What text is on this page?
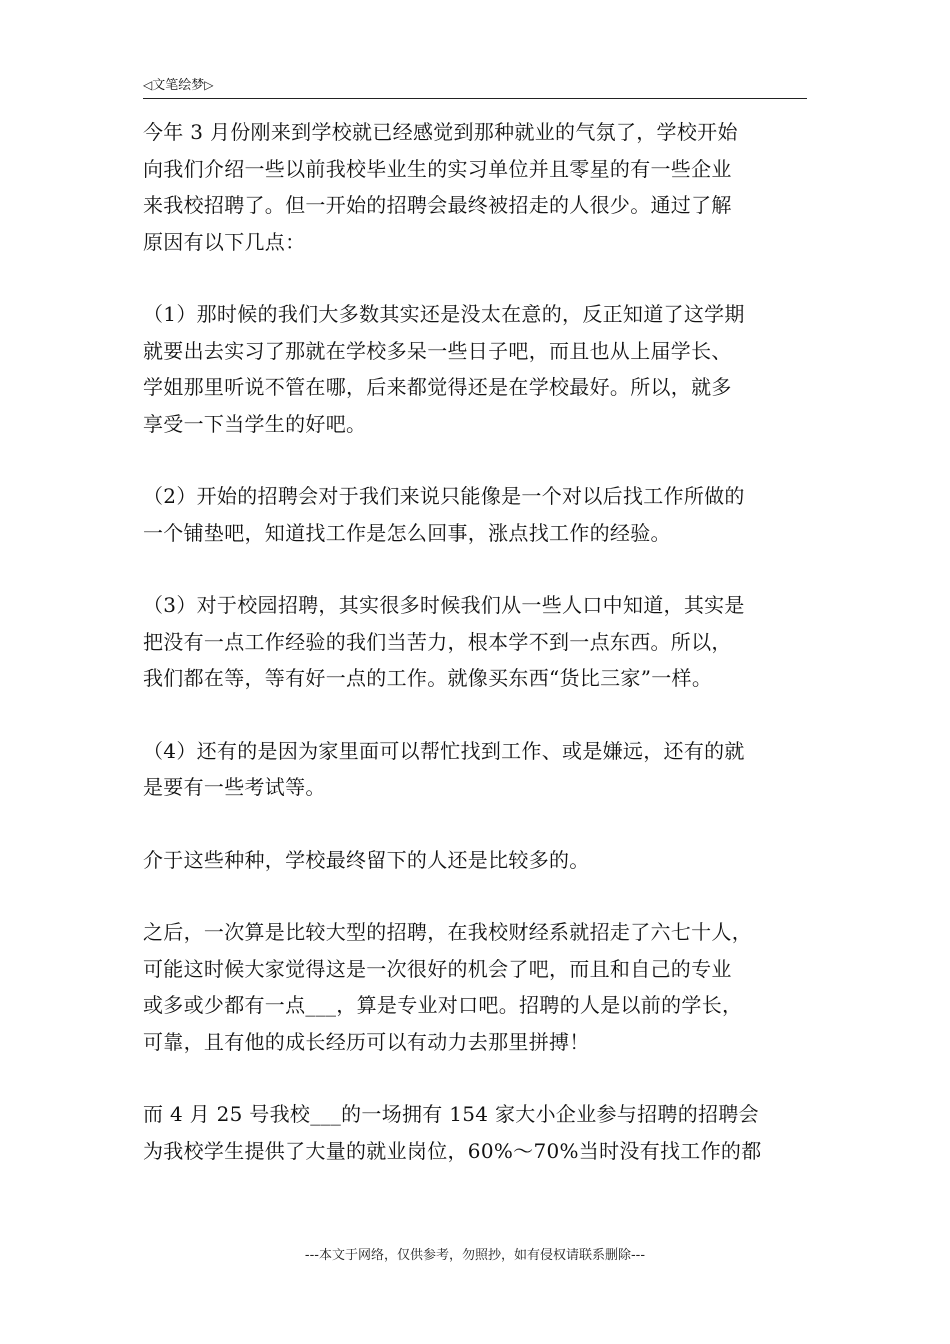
◁文笔绘梦▷

今年 3 月份刚来到学校就已经感觉到那种就业的气氛了，学校开始
向我们介绍一些以前我校毕业生的实习单位并且零星的有一些企业
来我校招聘了。但一开始的招聘会最终被招走的人很少。通过了解
原因有以下几点：

（1）那时候的我们大多数其实还是没太在意的，反正知道了这学期
就要出去实习了那就在学校多呆一些日子吧，而且也从上届学长、
学姐那里听说不管在哪，后来都觉得还是在学校最好。所以，就多
享受一下当学生的好吧。

（2）开始的招聘会对于我们来说只能像是一个对以后找工作所做的
一个铺垫吧，知道找工作是怎么回事，涨点找工作的经验。

（3）对于校园招聘，其实很多时候我们从一些人口中知道，其实是
把没有一点工作经验的我们当苦力，根本学不到一点东西。所以，
我们都在等，等有好一点的工作。就像买东西“货比三家”一样。

（4）还有的是因为家里面可以帮忙找到工作、或是嫌远，还有的就
是要有一些考试等。

介于这些种种，学校最终留下的人还是比较多的。

之后，一次算是比较大型的招聘，在我校财经系就招走了六七十人，
可能这时候大家觉得这是一次很好的机会了吧，而且和自己的专业
或多或少都有一点___，算是专业对口吧。招聘的人是以前的学长，
可靠，且有他的成长经历可以有动力去那里拼搏！

而 4 月 25 号我校___的一场拥有 154 家大小企业参与招聘的招聘会
为我校学生提供了大量的就业岗位，60%～70%当时没有找工作的都

---本文于网络，仅供参考，勿照抄，如有侵权请联系删除---
